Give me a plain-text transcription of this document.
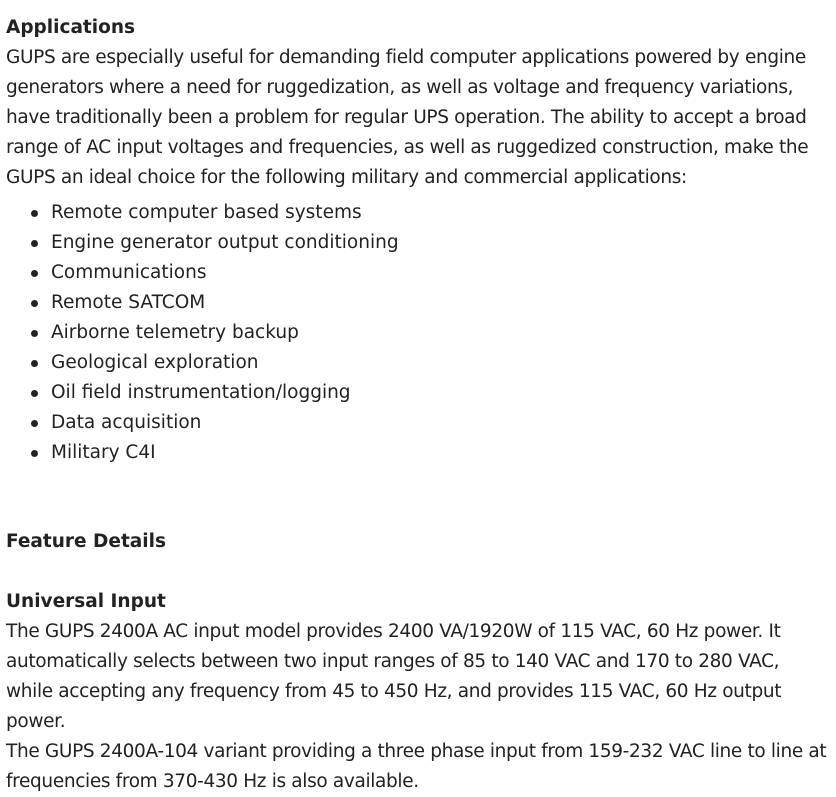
Applications

GUPS are especially useful for demanding field computer applications powered by engine generators where a need for ruggedization, as well as voltage and frequency variations, have traditionally been a problem for regular UPS operation. The ability to accept a broad range of AC input voltages and frequencies, as well as ruggedized construction, make the GUPS an ideal choice for the following military and commercial applications:

Remote computer based systems
Engine generator output conditioning
Communications
Remote SATCOM
Airborne telemetry backup
Geological exploration
Oil field instrumentation/logging
Data acquisition
Military C4I
Feature Details
Universal Input
The GUPS 2400A AC input model provides 2400 VA/1920W of 115 VAC, 60 Hz power. It automatically selects between two input ranges of 85 to 140 VAC and 170 to 280 VAC, while accepting any frequency from 45 to 450 Hz, and provides 115 VAC, 60 Hz output power.
The GUPS 2400A-104 variant providing a three phase input from 159-232 VAC line to line at frequencies from 370-430 Hz is also available.
